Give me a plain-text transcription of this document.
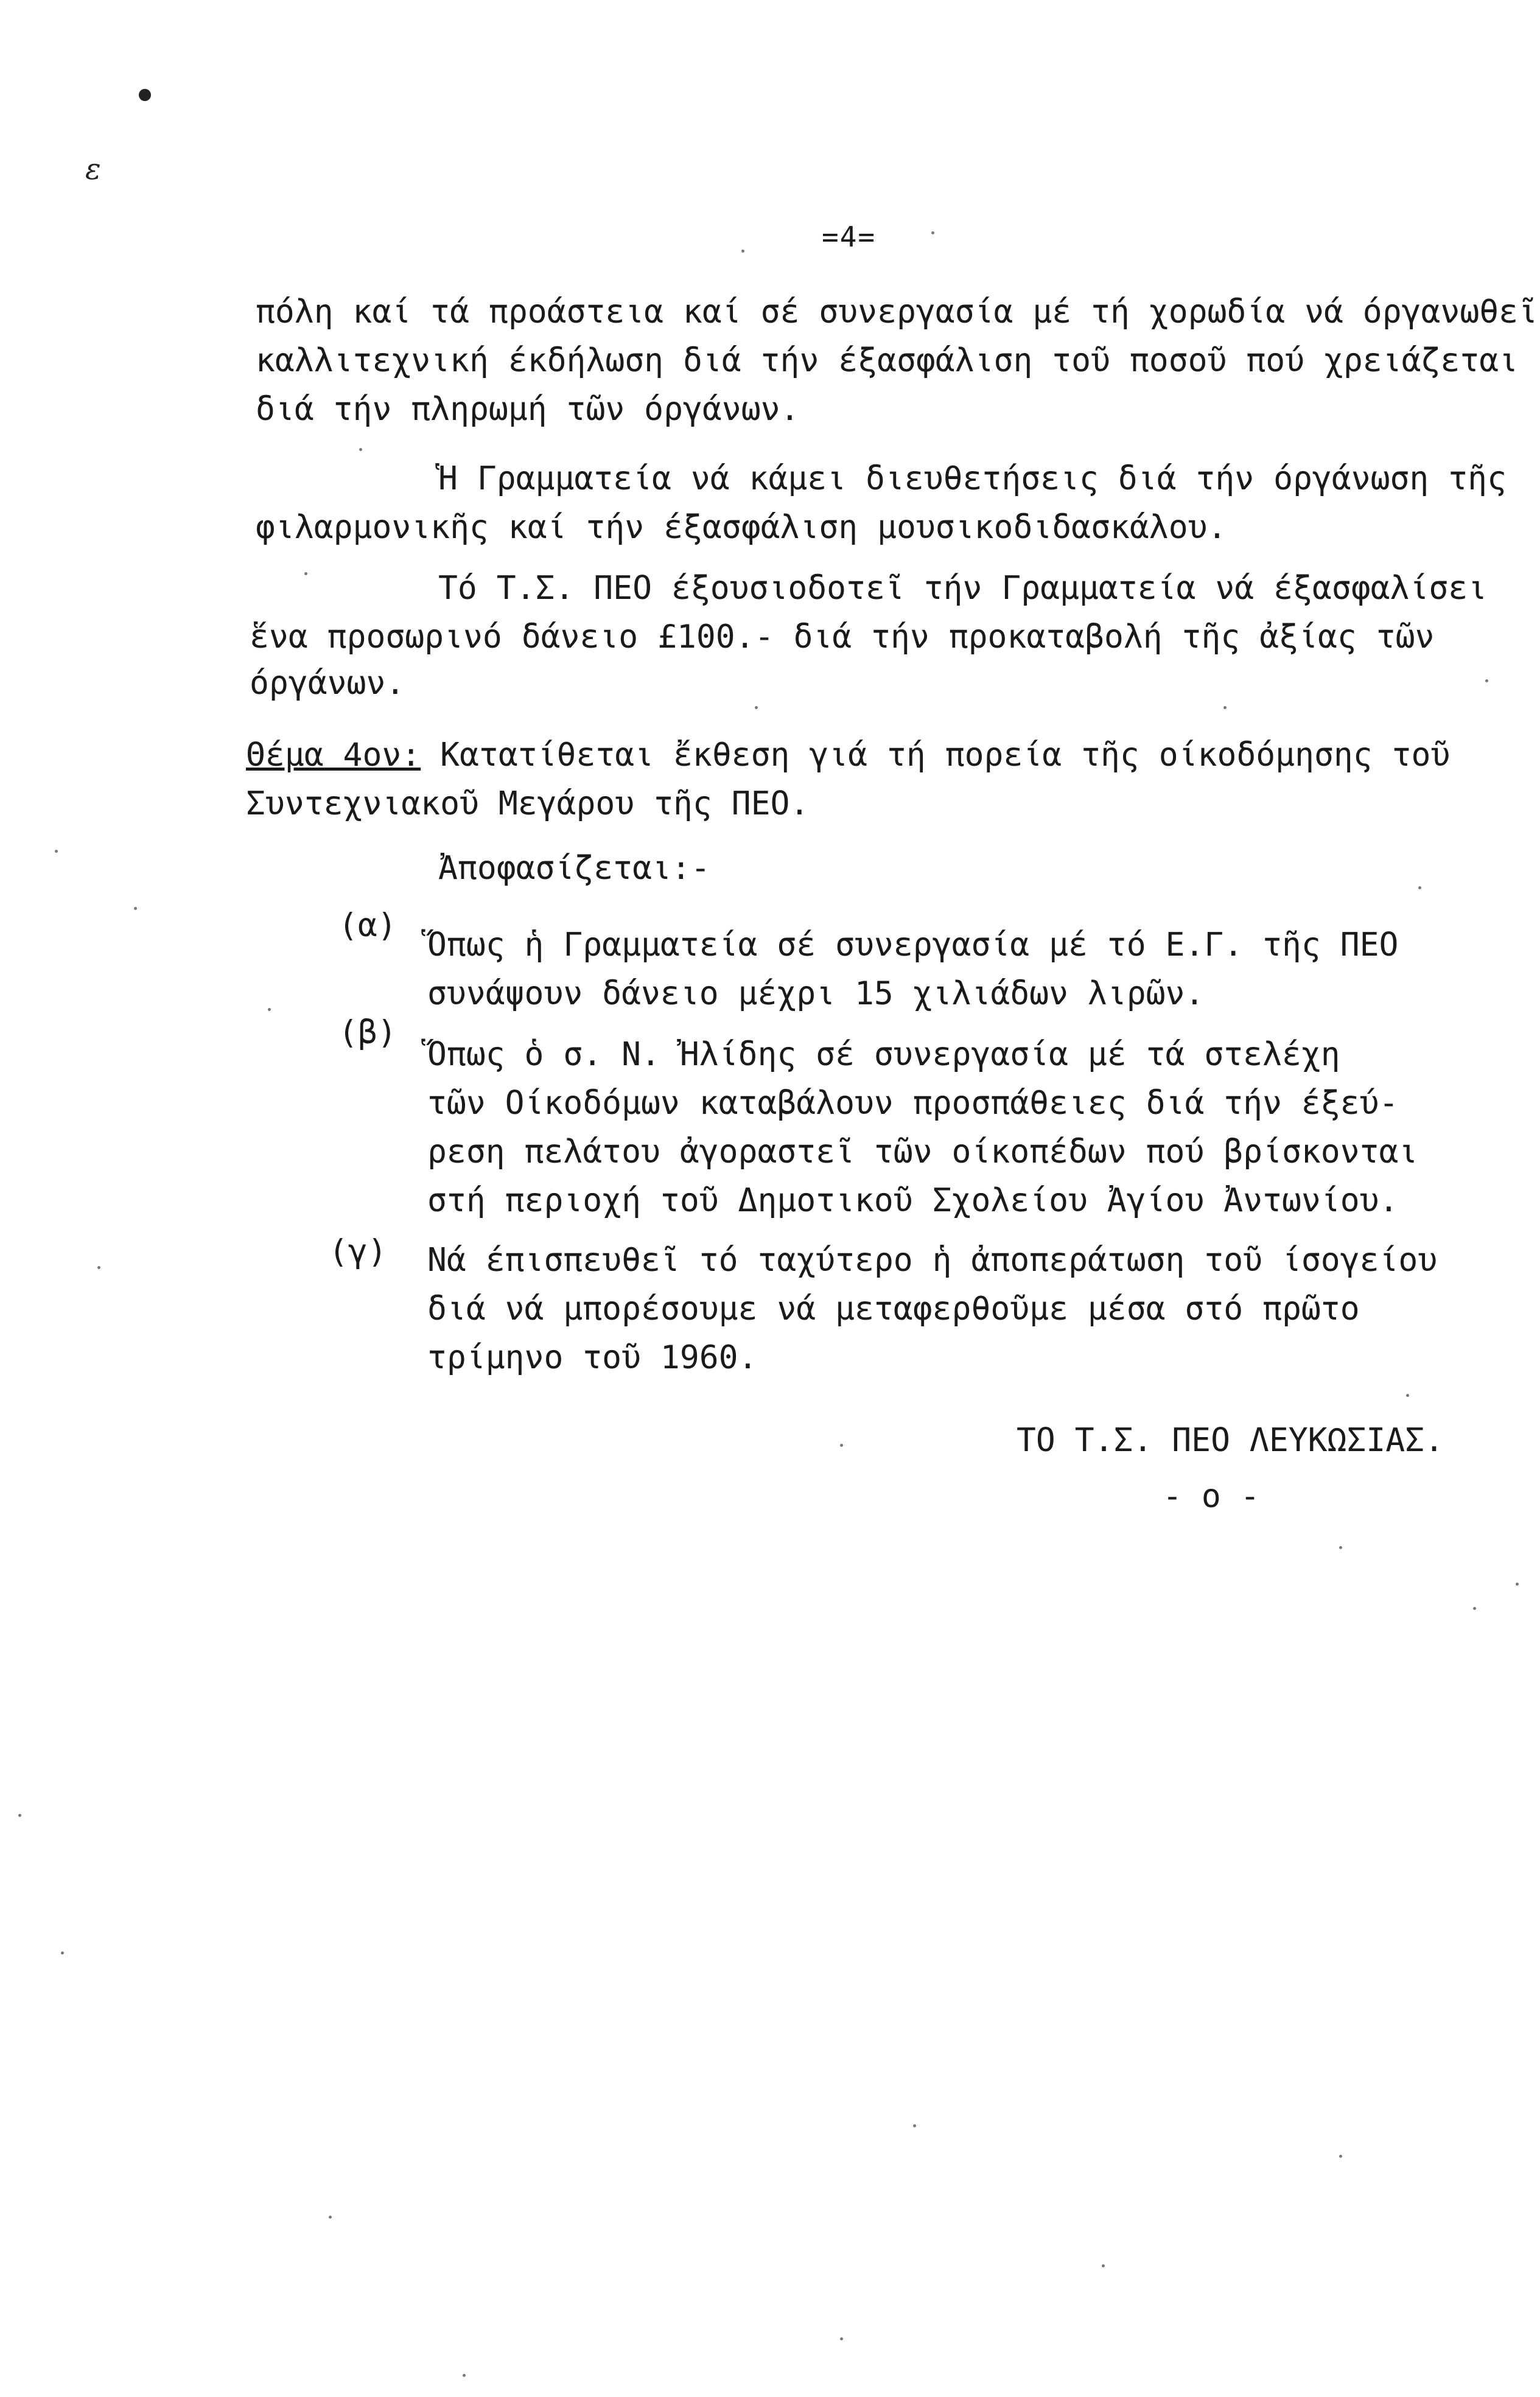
ε
=4=
πόλη καί τά προάστεια καί σέ συνεργασία μέ τή χορωδία νά όργανωθεῖ
καλλιτεχνική έκδήλωση διά τήν έξασφάλιση τοῦ ποσοῦ πού χρειάζεται
διά τήν πληρωμή τῶν όργάνων.
Ἡ Γραμματεία νά κάμει διευθετήσεις διά τήν όργάνωση τῆς
φιλαρμονικῆς καί τήν έξασφάλιση μουσικοδιδασκάλου.
Τό Τ.Σ. ΠΕΟ έξουσιοδοτεῖ τήν Γραμματεία νά έξασφαλίσει
ἕνα προσωρινό δάνειο £100.- διά τήν προκαταβολή τῆς ἀξίας τῶν
όργάνων.
Θέμα 4ον: Κατατίθεται ἔκθεση γιά τή πορεία τῆς οίκοδόμησης τοῦ
Συντεχνιακοῦ Μεγάρου τῆς ΠΕΟ.
Ἀποφασίζεται:-
(α)
Ὅπως ἡ Γραμματεία σέ συνεργασία μέ τό Ε.Γ. τῆς ΠΕΟ
συνάψουν δάνειο μέχρι 15 χιλιάδων λιρῶν.
(β)
Ὅπως ὁ σ. Ν. Ἠλίδης σέ συνεργασία μέ τά στελέχη
τῶν Οίκοδόμων καταβάλουν προσπάθειες διά τήν έξεύ-
ρεση πελάτου ἀγοραστεῖ τῶν οίκοπέδων πού βρίσκονται
στή περιοχή τοῦ Δημοτικοῦ Σχολείου Ἀγίου Ἀντωνίου.
(γ) Νά έπισπευθεῖ τό ταχύτερο ἡ ἀποπεράτωση τοῦ ίσογείου
διά νά μπορέσουμε νά μεταφερθοῦμε μέσα στό πρῶτο
τρίμηνο τοῦ 1960.
ΤΟ Τ.Σ. ΠΕΟ ΛΕΥΚΩΣΙΑΣ.
- ο -
